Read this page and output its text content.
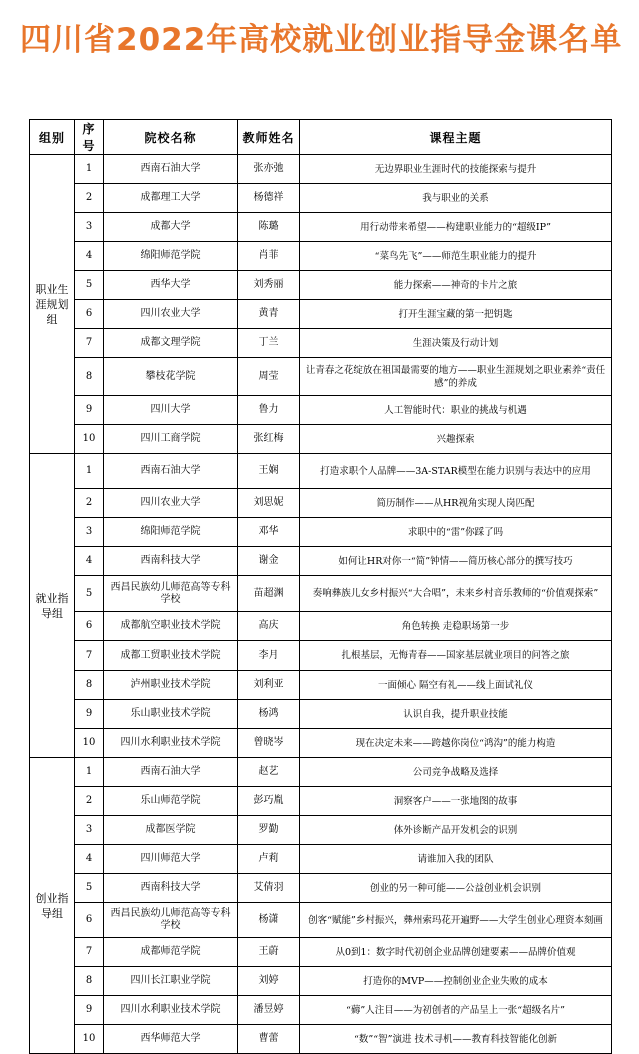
四川省2022年高校就业创业指导金课名单
组别	序号	院校名称	教师姓名	课程主题
职业生涯规划组	1	西南石油大学	张亦弛	无边界职业生涯时代的技能探索与提升
	2	成都理工大学	杨德祥	我与职业的关系
	3	成都大学	陈璐	用行动带来希望——构建职业能力的“超级IP”
	4	绵阳师范学院	肖菲	“菜鸟先飞”——师范生职业能力的提升
	5	西华大学	刘秀丽	能力探索——神奇的卡片之旅
	6	四川农业大学	黄青	打开生涯宝藏的第一把钥匙
	7	成都文理学院	丁兰	生涯决策及行动计划
	8	攀枝花学院	周莹	让青春之花绽放在祖国最需要的地方——职业生涯规划之职业素养“责任感”的养成
	9	四川大学	鲁力	人工智能时代：职业的挑战与机遇
	10	四川工商学院	张红梅	兴趣探索
就业指导组	1	西南石油大学	王娴	打造求职个人品牌——3A-STAR模型在能力识别与表达中的应用
	2	四川农业大学	刘思妮	简历制作——从HR视角实现人岗匹配
	3	绵阳师范学院	邓华	求职中的“雷”你踩了吗
	4	西南科技大学	谢金	如何让HR对你一“简”钟情——简历核心部分的撰写技巧
	5	西昌民族幼儿师范高等专科学校	苗超渊	奏响彝族儿女乡村振兴“大合唱”，未来乡村音乐教师的“价值观探索”
	6	成都航空职业技术学院	高庆	角色转换 走稳职场第一步
	7	成都工贸职业技术学院	李月	扎根基层，无悔青春——国家基层就业项目的问答之旅
	8	泸州职业技术学院	刘利亚	一面倾心 隔空有礼——线上面试礼仪
	9	乐山职业技术学院	杨鸿	认识自我，提升职业技能
	10	四川水利职业技术学院	曾晓岑	现在决定未来——跨越你岗位“鸿沟”的能力构造
创业指导组	1	西南石油大学	赵艺	公司竞争战略及选择
	2	乐山师范学院	彭巧胤	洞察客户——一张地图的故事
	3	成都医学院	罗勤	体外诊断产品开发机会的识别
	4	四川师范大学	卢莉	请谁加入我的团队
	5	西南科技大学	艾倩羽	创业的另一种可能——公益创业机会识别
	6	西昌民族幼儿师范高等专科学校	杨潇	创客“赋能”乡村振兴，彝州索玛花开遍野——大学生创业心理资本刻画
	7	成都师范学院	王蔚	从0到1：数字时代初创企业品牌创建要素——品牌价值观
	8	四川长江职业学院	刘婷	打造你的MVP——控制创业企业失败的成本
	9	四川水利职业技术学院	潘昱婷	“薅”人注目——为初创者的产品呈上一张“超级名片”
	10	西华师范大学	曹蕾	“数”“智”演进 技术寻机——教育科技智能化创新
